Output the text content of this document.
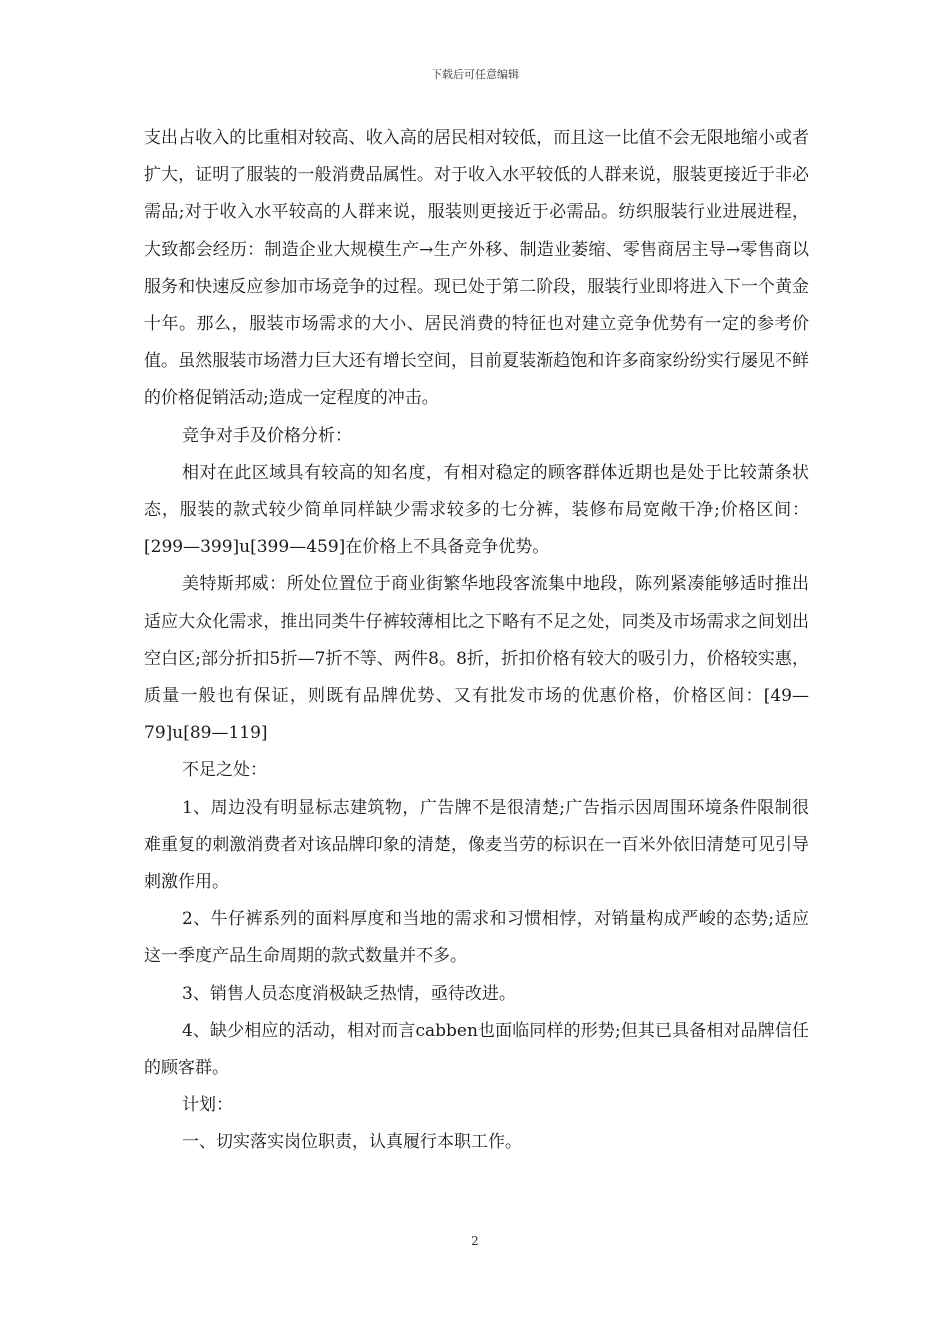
下载后可任意编辑

支出占收入的比重相对较高、收入高的居民相对较低，而且这一比值不会无限地缩小或者扩大，证明了服装的一般消费品属性。对于收入水平较低的人群来说，服装更接近于非必需品;对于收入水平较高的人群来说，服装则更接近于必需品。纺织服装行业进展进程，大致都会经历：制造企业大规模生产→生产外移、制造业萎缩、零售商居主导→零售商以服务和快速反应参加市场竞争的过程。现已处于第二阶段，服装行业即将进入下一个黄金十年。那么，服装市场需求的大小、居民消费的特征也对建立竞争优势有一定的参考价值。虽然服装市场潜力巨大还有增长空间，目前夏装渐趋饱和许多商家纷纷实行屡见不鲜的价格促销活动;造成一定程度的冲击。

竞争对手及价格分析：

相对在此区域具有较高的知名度，有相对稳定的顾客群体近期也是处于比较萧条状态，服装的款式较少简单同样缺少需求较多的七分裤，装修布局宽敞干净;价格区间：[299—399]u[399—459]在价格上不具备竞争优势。

美特斯邦威：所处位置位于商业街繁华地段客流集中地段，陈列紧凑能够适时推出适应大众化需求，推出同类牛仔裤较薄相比之下略有不足之处，同类及市场需求之间划出空白区;部分折扣5折—7折不等、两件8。8折，折扣价格有较大的吸引力，价格较实惠，质量一般也有保证，则既有品牌优势、又有批发市场的优惠价格，价格区间：[49—79]u[89—119]

不足之处：

1、周边没有明显标志建筑物，广告牌不是很清楚;广告指示因周围环境条件限制很难重复的刺激消费者对该品牌印象的清楚，像麦当劳的标识在一百米外依旧清楚可见引导刺激作用。

2、牛仔裤系列的面料厚度和当地的需求和习惯相悖，对销量构成严峻的态势;适应这一季度产品生命周期的款式数量并不多。

3、销售人员态度消极缺乏热情，亟待改进。

4、缺少相应的活动，相对而言cabben也面临同样的形势;但其已具备相对品牌信任的顾客群。

计划：

一、切实落实岗位职责，认真履行本职工作。

2
